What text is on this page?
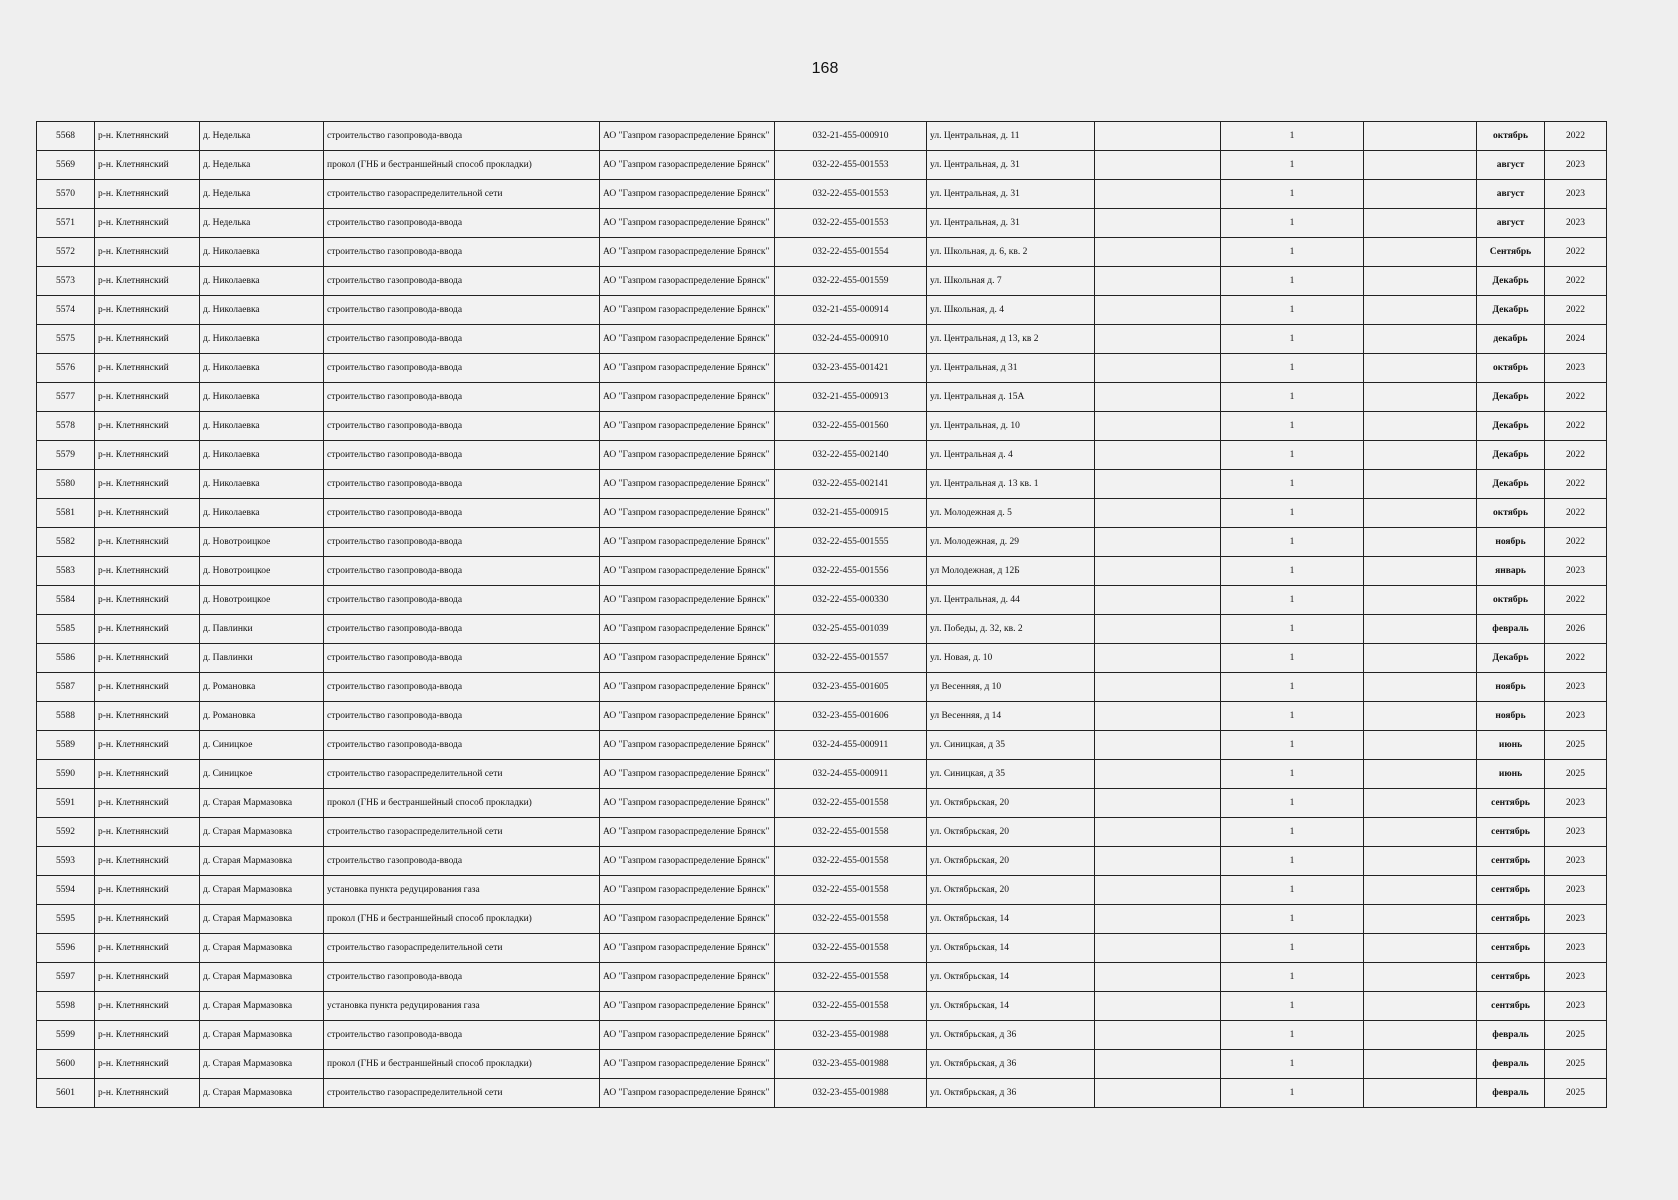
168
5568	р-н. Клетнянский	д. Неделька	строительство газопровода-ввода	АО "Газпром газораспределение Брянск"	032-21-455-000910	ул. Центральная, д. 11		1		октябрь	2022
5569	р-н. Клетнянский	д. Неделька	прокол (ГНБ и бестраншейный способ прокладки)	АО "Газпром газораспределение Брянск"	032-22-455-001553	ул. Центральная, д. 31		1		август	2023
5570	р-н. Клетнянский	д. Неделька	строительство газораспределительной сети	АО "Газпром газораспределение Брянск"	032-22-455-001553	ул. Центральная, д. 31		1		август	2023
5571	р-н. Клетнянский	д. Неделька	строительство газопровода-ввода	АО "Газпром газораспределение Брянск"	032-22-455-001553	ул. Центральная, д. 31		1		август	2023
5572	р-н. Клетнянский	д. Николаевка	строительство газопровода-ввода	АО "Газпром газораспределение Брянск"	032-22-455-001554	ул. Школьная, д. 6, кв. 2		1		Сентябрь	2022
5573	р-н. Клетнянский	д. Николаевка	строительство газопровода-ввода	АО "Газпром газораспределение Брянск"	032-22-455-001559	ул. Школьная д. 7		1		Декабрь	2022
5574	р-н. Клетнянский	д. Николаевка	строительство газопровода-ввода	АО "Газпром газораспределение Брянск"	032-21-455-000914	ул. Школьная, д. 4		1		Декабрь	2022
5575	р-н. Клетнянский	д. Николаевка	строительство газопровода-ввода	АО "Газпром газораспределение Брянск"	032-24-455-000910	ул. Центральная, д 13, кв 2		1		декабрь	2024
5576	р-н. Клетнянский	д. Николаевка	строительство газопровода-ввода	АО "Газпром газораспределение Брянск"	032-23-455-001421	ул. Центральная, д 31		1		октябрь	2023
5577	р-н. Клетнянский	д. Николаевка	строительство газопровода-ввода	АО "Газпром газораспределение Брянск"	032-21-455-000913	ул. Центральная д. 15А		1		Декабрь	2022
5578	р-н. Клетнянский	д. Николаевка	строительство газопровода-ввода	АО "Газпром газораспределение Брянск"	032-22-455-001560	ул. Центральная, д. 10		1		Декабрь	2022
5579	р-н. Клетнянский	д. Николаевка	строительство газопровода-ввода	АО "Газпром газораспределение Брянск"	032-22-455-002140	ул. Центральная д. 4		1		Декабрь	2022
5580	р-н. Клетнянский	д. Николаевка	строительство газопровода-ввода	АО "Газпром газораспределение Брянск"	032-22-455-002141	ул. Центральная д. 13 кв. 1		1		Декабрь	2022
5581	р-н. Клетнянский	д. Николаевка	строительство газопровода-ввода	АО "Газпром газораспределение Брянск"	032-21-455-000915	ул. Молодежная д. 5		1		октябрь	2022
5582	р-н. Клетнянский	д. Новотроицкое	строительство газопровода-ввода	АО "Газпром газораспределение Брянск"	032-22-455-001555	ул. Молодежная, д. 29		1		ноябрь	2022
5583	р-н. Клетнянский	д. Новотроицкое	строительство газопровода-ввода	АО "Газпром газораспределение Брянск"	032-22-455-001556	ул Молодежная, д 12Б		1		январь	2023
5584	р-н. Клетнянский	д. Новотроицкое	строительство газопровода-ввода	АО "Газпром газораспределение Брянск"	032-22-455-000330	ул. Центральная, д. 44		1		октябрь	2022
5585	р-н. Клетнянский	д. Павлинки	строительство газопровода-ввода	АО "Газпром газораспределение Брянск"	032-25-455-001039	ул. Победы, д. 32, кв. 2		1		февраль	2026
5586	р-н. Клетнянский	д. Павлинки	строительство газопровода-ввода	АО "Газпром газораспределение Брянск"	032-22-455-001557	ул. Новая, д. 10		1		Декабрь	2022
5587	р-н. Клетнянский	д. Романовка	строительство газопровода-ввода	АО "Газпром газораспределение Брянск"	032-23-455-001605	ул Весенняя, д 10		1		ноябрь	2023
5588	р-н. Клетнянский	д. Романовка	строительство газопровода-ввода	АО "Газпром газораспределение Брянск"	032-23-455-001606	ул Весенняя, д 14		1		ноябрь	2023
5589	р-н. Клетнянский	д. Синицкое	строительство газопровода-ввода	АО "Газпром газораспределение Брянск"	032-24-455-000911	ул. Синицкая, д 35		1		июнь	2025
5590	р-н. Клетнянский	д. Синицкое	строительство газораспределительной сети	АО "Газпром газораспределение Брянск"	032-24-455-000911	ул. Синицкая, д 35		1		июнь	2025
5591	р-н. Клетнянский	д. Старая Мармазовка	прокол (ГНБ и бестраншейный способ прокладки)	АО "Газпром газораспределение Брянск"	032-22-455-001558	ул. Октябрьская, 20		1		сентябрь	2023
5592	р-н. Клетнянский	д. Старая Мармазовка	строительство газораспределительной сети	АО "Газпром газораспределение Брянск"	032-22-455-001558	ул. Октябрьская, 20		1		сентябрь	2023
5593	р-н. Клетнянский	д. Старая Мармазовка	строительство газопровода-ввода	АО "Газпром газораспределение Брянск"	032-22-455-001558	ул. Октябрьская, 20		1		сентябрь	2023
5594	р-н. Клетнянский	д. Старая Мармазовка	установка пункта редуцирования газа	АО "Газпром газораспределение Брянск"	032-22-455-001558	ул. Октябрьская, 20		1		сентябрь	2023
5595	р-н. Клетнянский	д. Старая Мармазовка	прокол (ГНБ и бестраншейный способ прокладки)	АО "Газпром газораспределение Брянск"	032-22-455-001558	ул. Октябрьская, 14		1		сентябрь	2023
5596	р-н. Клетнянский	д. Старая Мармазовка	строительство газораспределительной сети	АО "Газпром газораспределение Брянск"	032-22-455-001558	ул. Октябрьская, 14		1		сентябрь	2023
5597	р-н. Клетнянский	д. Старая Мармазовка	строительство газопровода-ввода	АО "Газпром газораспределение Брянск"	032-22-455-001558	ул. Октябрьская, 14		1		сентябрь	2023
5598	р-н. Клетнянский	д. Старая Мармазовка	установка пункта редуцирования газа	АО "Газпром газораспределение Брянск"	032-22-455-001558	ул. Октябрьская, 14		1		сентябрь	2023
5599	р-н. Клетнянский	д. Старая Мармазовка	строительство газопровода-ввода	АО "Газпром газораспределение Брянск"	032-23-455-001988	ул. Октябрьская, д 36		1		февраль	2025
5600	р-н. Клетнянский	д. Старая Мармазовка	прокол (ГНБ и бестраншейный способ прокладки)	АО "Газпром газораспределение Брянск"	032-23-455-001988	ул. Октябрьская, д 36		1		февраль	2025
5601	р-н. Клетнянский	д. Старая Мармазовка	строительство газораспределительной сети	АО "Газпром газораспределение Брянск"	032-23-455-001988	ул. Октябрьская, д 36		1		февраль	2025
